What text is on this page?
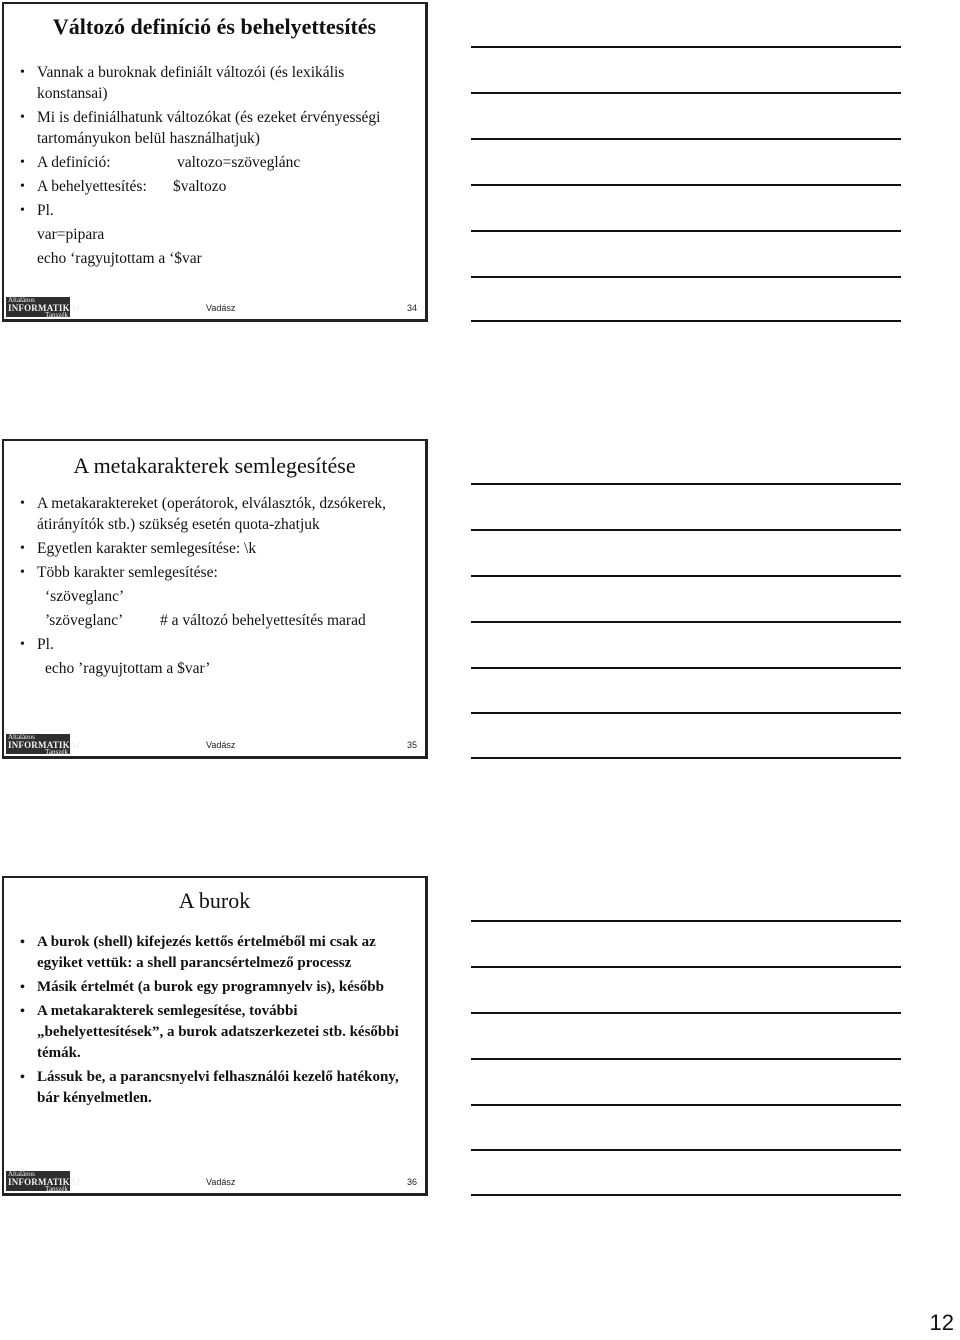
Változó definíció és behelyettesítés
• Vannak a buroknak definiált változói (és lexikális konstansai)
• Mi is definiálhatunk változókat (és ezeket érvényességi tartományukon belül használhatjuk)
• A definíció:	valtozo=szöveglánc
• A behelyettesítés: $valtozo
• Pl.
var=pipara
echo ‘ragyujtottam a ‘$var
Általános
INFORMATIKAI
Tanszék
Vadász	34
A metakarakterek semlegesítése
• A metakaraktereket (operátorok, elválasztók, dzsókerek, átirányítók stb.) szükség esetén quota-zhatjuk
• Egyetlen karakter semlegesítése: \k
• Több karakter semlegesítése:
‘szöveglanc’
’szöveglanc’ # a változó behelyettesítés marad
• Pl.
echo ’ragyujtottam a $var’
Általános
INFORMATIKAI
Tanszék
Vadász	35
A burok
• A burok (shell) kifejezés kettős értelméből mi csak az egyiket vettük: a shell parancsértelmező processz
• Másik értelmét (a burok egy programnyelv is), később
• A metakarakterek semlegesítése, további „behelyettesítések”, a burok adatszerkezetei stb. későbbi témák.
• Lássuk be, a parancsnyelvi felhasználói kezelő hatékony, bár kényelmetlen.
Általános
INFORMATIKAI
Tanszék
Vadász	36
12
